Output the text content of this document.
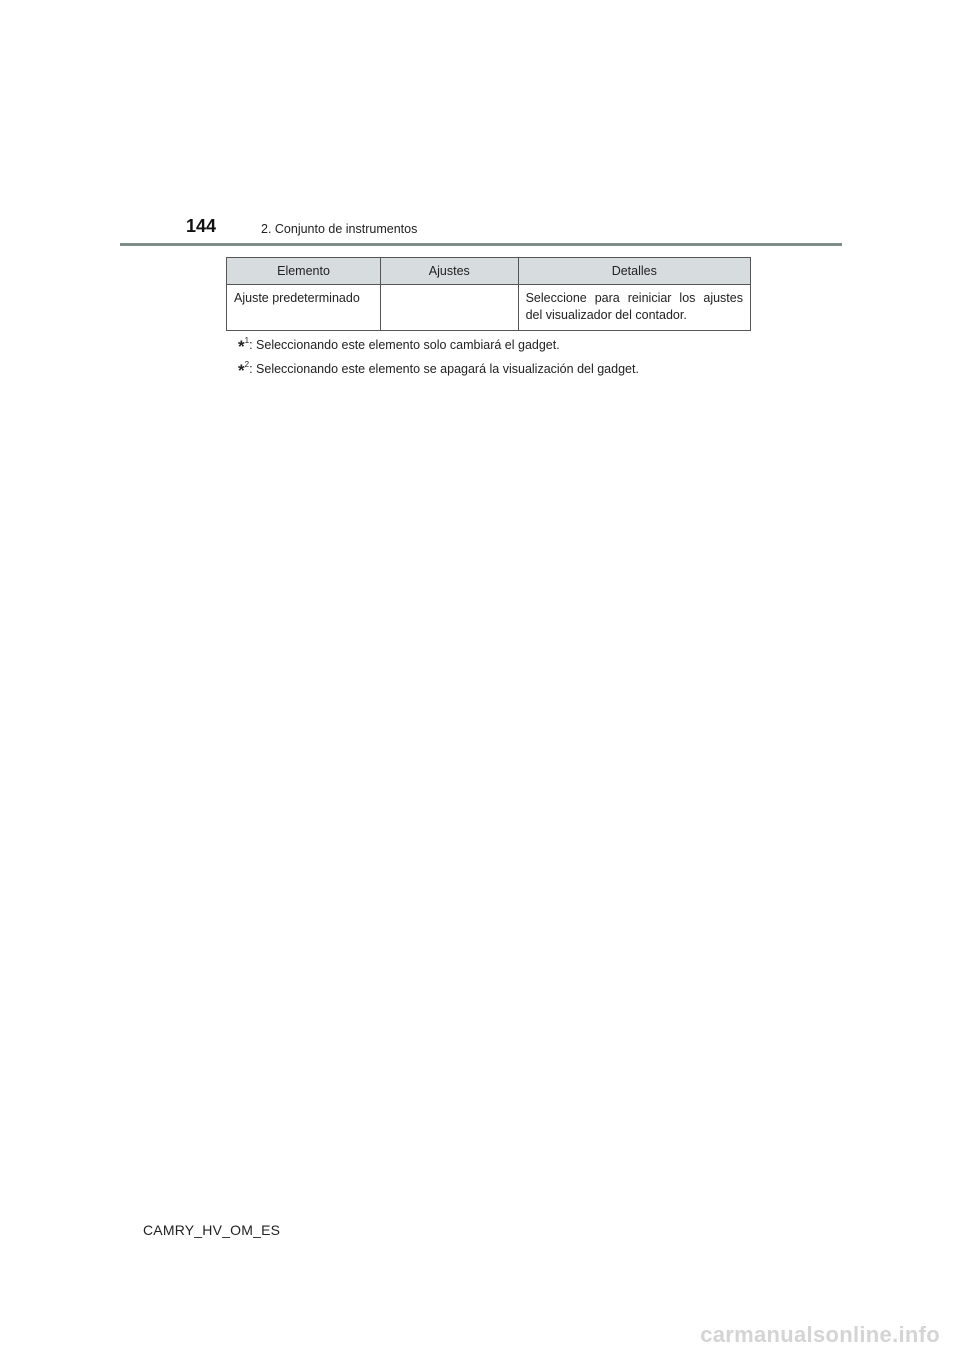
144	2. Conjunto de instrumentos
Elemento	Ajustes	Detalles
Ajuste predeterminado		Seleccione para reiniciar los ajustes del visualizador del contador.
*$^1$: Seleccionando este elemento solo cambiará el gadget.
*$^2$: Seleccionando este elemento se apagará la visualización del gadget.
CAMRY_HV_OM_ES
carmanualsonline.info
